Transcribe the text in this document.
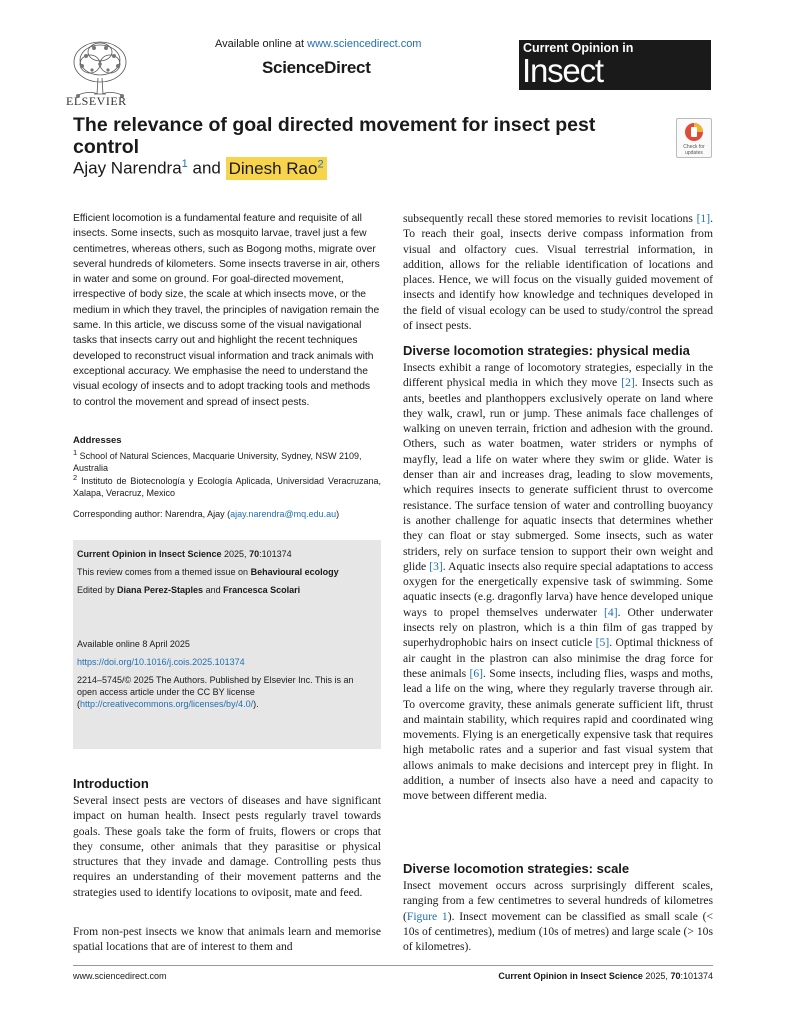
ELSEVIER
Available online at www.sciencedirect.com
ScienceDirect
Current Opinion in
Insect Science
The relevance of goal directed movement for insect pest control
Ajay Narendra$^1$ and Dinesh Rao$^2$
Check for updates

Efficient locomotion is a fundamental feature and requisite of all insects. Some insects, such as mosquito larvae, travel just a few centimetres, whereas others, such as Bogong moths, migrate over several hundreds of kilometers. Some insects traverse in air, others in water and some on ground. For goal-directed movement, irrespective of body size, the scale at which insects move, or the medium in which they travel, the principles of navigation remain the same. In this article, we discuss some of the visual navigational tasks that insects carry out and highlight the recent techniques developed to reconstruct visual information and track animals with exceptional accuracy. We emphasise the need to understand the visual ecology of insects and to adopt tracking tools and methods to control the movement and spread of insect pests.

Addresses

$^1$ School of Natural Sciences, Macquarie University, Sydney, NSW 2109, Australia

$^2$ Instituto de Biotecnología y Ecología Aplicada, Universidad Veracruzana, Xalapa, Veracruz, Mexico

Corresponding author: Narendra, Ajay (ajay.narendra@mq.edu.au)
Current Opinion in Insect Science 2025, 70:101374
This review comes from a themed issue on Behavioural ecology
Edited by Diana Perez-Staples and Francesca Scolari
Available online 8 April 2025
https://doi.org/10.1016/j.cois.2025.101374
2214–5745/© 2025 The Authors. Published by Elsevier Inc. This is an open access article under the CC BY license (http://creativecommons.org/licenses/by/4.0/).
Introduction

Several insect pests are vectors of diseases and have significant impact on human health. Insect pests regularly travel towards goals. These goals take the form of fruits, flowers or crops that they consume, other animals that they parasitise or physical structures that they invade and damage. Controlling pests thus requires an understanding of their movement patterns and the strategies used to identify locations to oviposit, mate and feed.

From non-pest insects we know that animals learn and memorise spatial locations that are of interest to them and

subsequently recall these stored memories to revisit locations [1]. To reach their goal, insects derive compass information from visual and olfactory cues. Visual terrestrial information, in addition, allows for the reliable identification of locations and places. Hence, we will focus on the visually guided movement of insects and identify how knowledge and techniques developed in the field of visual ecology can be used to study/control the spread of insect pests.

Diverse locomotion strategies: physical media

Insects exhibit a range of locomotory strategies, especially in the different physical media in which they move [2]. Insects such as ants, beetles and planthoppers exclusively operate on land where they walk, crawl, run or jump. These animals face challenges of walking on uneven terrain, friction and adhesion with the ground. Others, such as water boatmen, water striders or nymphs of mayfly, lead a life on water where they swim or glide. Water is denser than air and increases drag, leading to slow movements, which requires insects to generate sufficient thrust to overcome resistance. The surface tension of water and controlling buoyancy is another challenge for aquatic insects that determines whether they can float or stay submerged. Some insects, such as water striders, rely on surface tension to support their own weight and glide [3]. Aquatic insects also require special adaptations to access oxygen for the energetically expensive task of swimming. Some aquatic insects (e.g. dragonfly larva) have hence developed unique ways to propel themselves underwater [4]. Other underwater insects rely on plastron, which is a thin film of gas trapped by superhydrophobic hairs on insect cuticle [5]. Optimal thickness of air caught in the plastron can also minimise the drag force for these animals [6]. Some insects, including flies, wasps and moths, lead a life on the wing, where they regularly traverse through air. To overcome gravity, these animals generate sufficient lift, thrust and maintain stability, which requires rapid and coordinated wing movements. Flying is an energetically expensive task that requires high metabolic rates and a superior and fast visual system that allows animals to make decisions and intercept prey in flight. In addition, a number of insects also have a need and capacity to move between different media.

Diverse locomotion strategies: scale

Insect movement occurs across surprisingly different scales, ranging from a few centimetres to several hundreds of kilometres (Figure 1). Insect movement can be classified as small scale (< 10s of centimetres), medium (10s of metres) and large scale (> 10s of kilometres).

www.sciencedirect.com	Current Opinion in Insect Science 2025, 70:101374
